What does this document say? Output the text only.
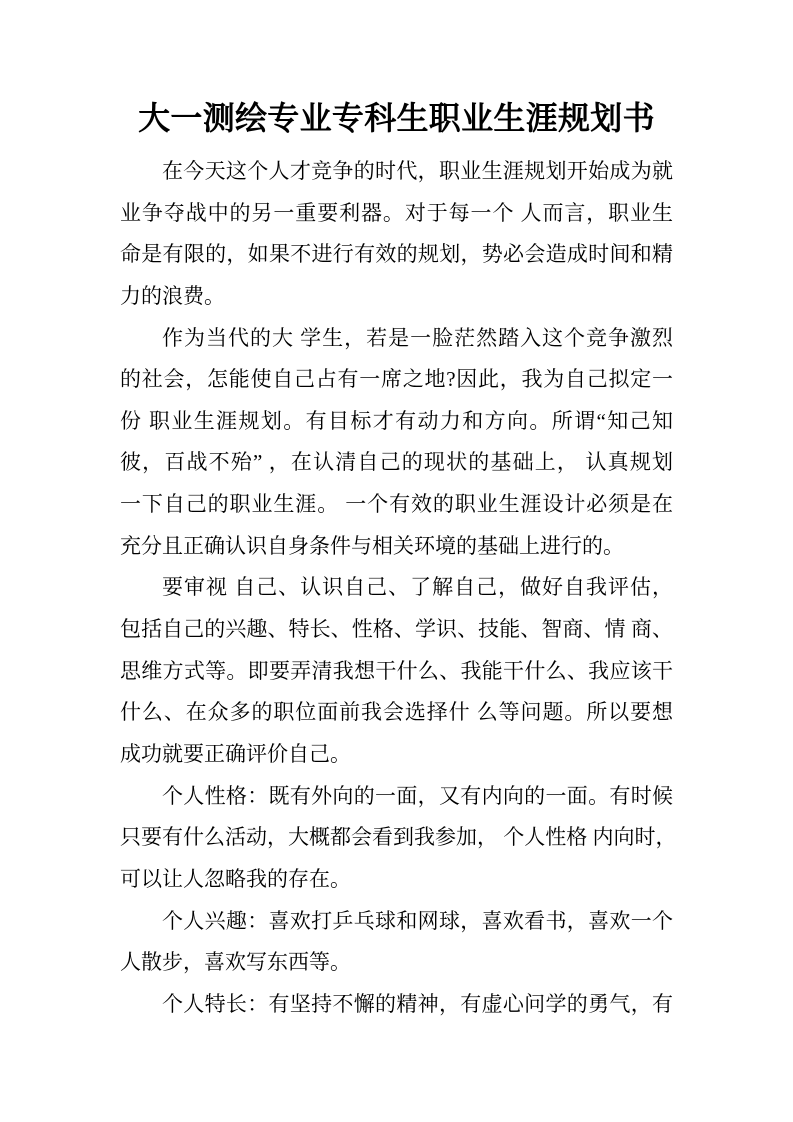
大一测绘专业专科生职业生涯规划书
在今天这个人才竞争的时代，职业生涯规划开始成为就
业争夺战中的另一重要利器。对于每一个 人而言，职业生
命是有限的，如果不进行有效的规划，势必会造成时间和精
力的浪费。
作为当代的大 学生，若是一脸茫然踏入这个竞争激烈
的社会，怎能使自己占有一席之地?因此，我为自己拟定一
份 职业生涯规划。有目标才有动力和方向。所谓“知己知
彼，百战不殆” ，在认清自己的现状的基础上， 认真规划
一下自己的职业生涯。 一个有效的职业生涯设计必须是在
充分且正确认识自身条件与相关环境的基础上进行的。
要审视 自己、认识自己、了解自己，做好自我评估，
包括自己的兴趣、特长、性格、学识、技能、智商、情 商、
思维方式等。即要弄清我想干什么、我能干什么、我应该干
什么、在众多的职位面前我会选择什 么等问题。所以要想
成功就要正确评价自己。
个人性格：既有外向的一面，又有内向的一面。有时候
只要有什么活动，大概都会看到我参加， 个人性格 内向时，
可以让人忽略我的存在。
个人兴趣：喜欢打乒乓球和网球，喜欢看书，喜欢一个
人散步，喜欢写东西等。
个人特长：有坚持不懈的精神，有虚心问学的勇气，有
